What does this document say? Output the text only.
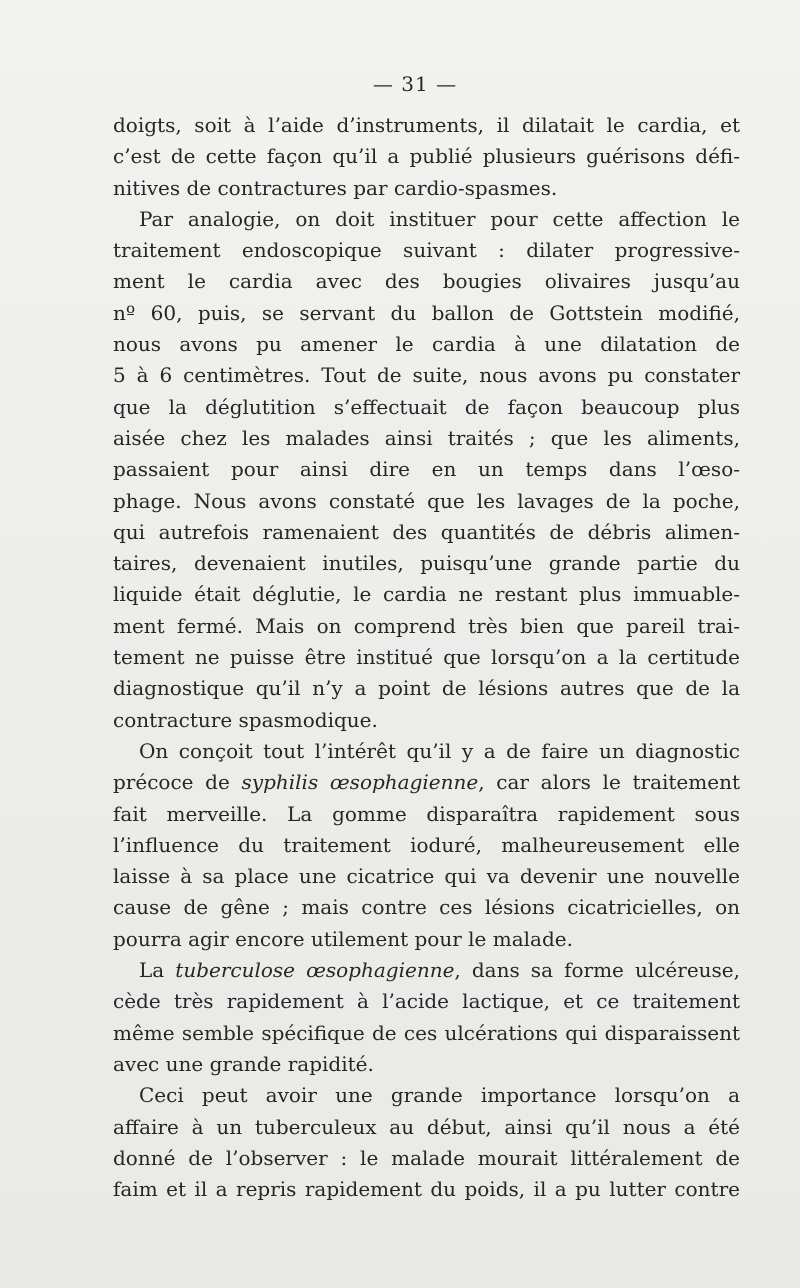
— 31 —

doigts, soit à l’aide d’instruments, il dilatait le cardia, et

c’est de cette façon qu’il a publié plusieurs guérisons défi-

nitives de contractures par cardio-spasmes.

Par analogie, on doit instituer pour cette affection le

traitement endoscopique suivant : dilater progressive-

ment le cardia avec des bougies olivaires jusqu’au

nº 60, puis, se servant du ballon de Gottstein modifié,

nous avons pu amener le cardia à une dilatation de

5 à 6 centimètres. Tout de suite, nous avons pu constater

que la déglutition s’effectuait de façon beaucoup plus

aisée chez les malades ainsi traités ; que les aliments,

passaient pour ainsi dire en un temps dans l’œso-

phage. Nous avons constaté que les lavages de la poche,

qui autrefois ramenaient des quantités de débris alimen-

taires, devenaient inutiles, puisqu’une grande partie du

liquide était déglutie, le cardia ne restant plus immuable-

ment fermé. Mais on comprend très bien que pareil trai-

tement ne puisse être institué que lorsqu’on a la certitude

diagnostique qu’il n’y a point de lésions autres que de la

contracture spasmodique.

On conçoit tout l’intérêt qu’il y a de faire un diagnostic

précoce de syphilis œsophagienne, car alors le traitement

fait merveille. La gomme disparaîtra rapidement sous

l’influence du traitement ioduré, malheureusement elle

laisse à sa place une cicatrice qui va devenir une nouvelle

cause de gêne ; mais contre ces lésions cicatricielles, on

pourra agir encore utilement pour le malade.

La tuberculose œsophagienne, dans sa forme ulcéreuse,

cède très rapidement à l’acide lactique, et ce traitement

même semble spécifique de ces ulcérations qui disparaissent

avec une grande rapidité.

Ceci peut avoir une grande importance lorsqu’on a

affaire à un tuberculeux au début, ainsi qu’il nous a été

donné de l’observer : le malade mourait littéralement de

faim et il a repris rapidement du poids, il a pu lutter contre
